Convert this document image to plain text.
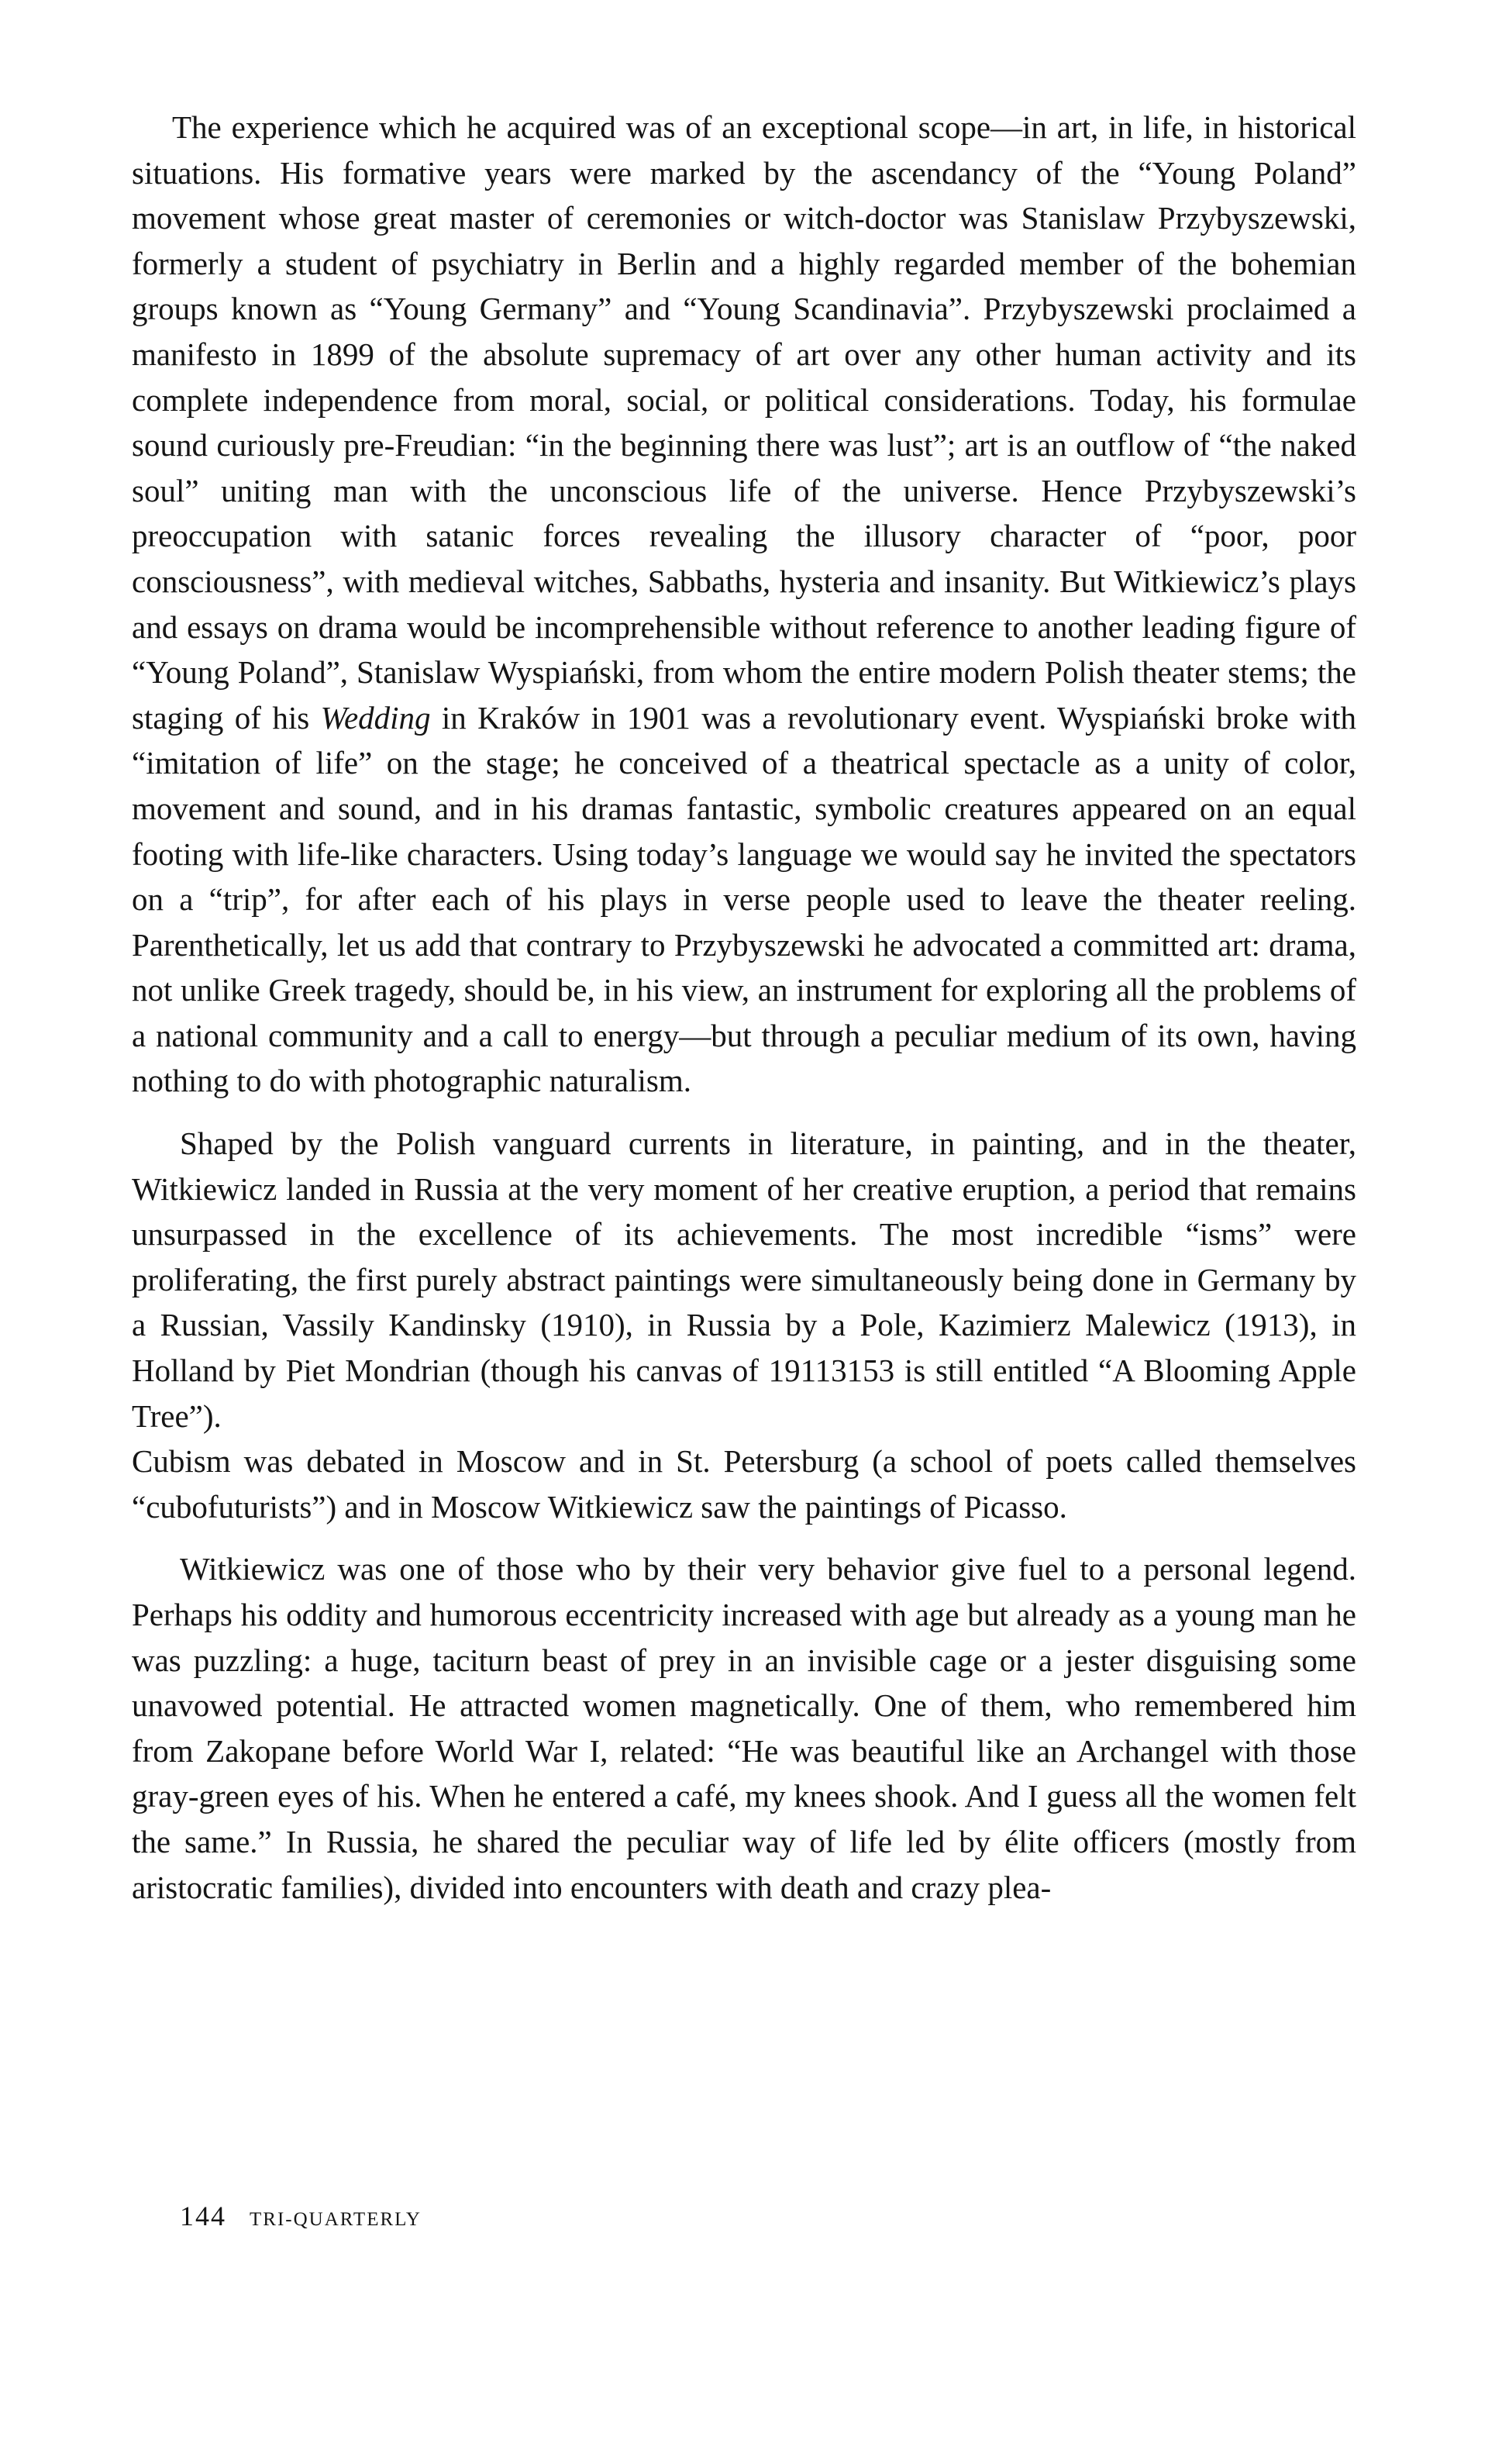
The experience which he acquired was of an exceptional scope—in art, in life, in historical situations. His formative years were marked by the ascendancy of the “Young Poland” movement whose great master of ceremonies or witch-doctor was Stanislaw Przybyszewski, formerly a student of psychiatry in Berlin and a highly regarded member of the bohemian groups known as “Young Germany” and “Young Scandinavia”. Przybyszewski proclaimed a manifesto in 1899 of the absolute supremacy of art over any other human activity and its complete independence from moral, social, or political considerations. Today, his formulae sound curiously pre-Freudian: “in the beginning there was lust”; art is an outflow of “the naked soul” uniting man with the unconscious life of the universe. Hence Przybyszewski’s preoccupation with satanic forces revealing the illusory character of “poor, poor consciousness”, with medieval witches, Sabbaths, hysteria and insanity. But Witkiewicz’s plays and essays on drama would be incomprehensible without reference to another leading figure of “Young Poland”, Stanislaw Wyspiański, from whom the entire modern Polish theater stems; the staging of his Wedding in Kraków in 1901 was a revolutionary event. Wyspiański broke with “imitation of life” on the stage; he conceived of a theatrical spectacle as a unity of color, movement and sound, and in his dramas fantastic, symbolic creatures appeared on an equal footing with life-like characters. Using today’s language we would say he invited the spectators on a “trip”, for after each of his plays in verse people used to leave the theater reeling. Parenthetically, let us add that contrary to Przybyszewski he advocated a committed art: drama, not unlike Greek tragedy, should be, in his view, an instrument for exploring all the problems of a national community and a call to energy—but through a peculiar medium of its own, having nothing to do with photographic naturalism.

Shaped by the Polish vanguard currents in literature, in painting, and in the theater, Witkiewicz landed in Russia at the very moment of her creative eruption, a period that remains unsurpassed in the excellence of its achievements. The most incredible “isms” were proliferating, the first purely abstract paintings were simultaneously being done in Germany by a Russian, Vassily Kandinsky (1910), in Russia by a Pole, Kazimierz Malewicz (1913), in Holland by Piet Mondrian (though his canvas of 19113153 is still entitled “A Blooming Apple Tree”).
Cubism was debated in Moscow and in St. Petersburg (a school of poets called themselves “cubofuturists”) and in Moscow Witkiewicz saw the paintings of Picasso.

Witkiewicz was one of those who by their very behavior give fuel to a personal legend. Perhaps his oddity and humorous eccentricity increased with age but already as a young man he was puzzling: a huge, taciturn beast of prey in an invisible cage or a jester disguising some unavowed potential. He attracted women magnetically. One of them, who remembered him from Zakopane before World War I, related: “He was beautiful like an Archangel with those gray-green eyes of his. When he entered a café, my knees shook. And I guess all the women felt the same.” In Russia, he shared the peculiar way of life led by élite officers (mostly from aristocratic families), divided into encounters with death and crazy plea-

144 TRI-QUARTERLY
